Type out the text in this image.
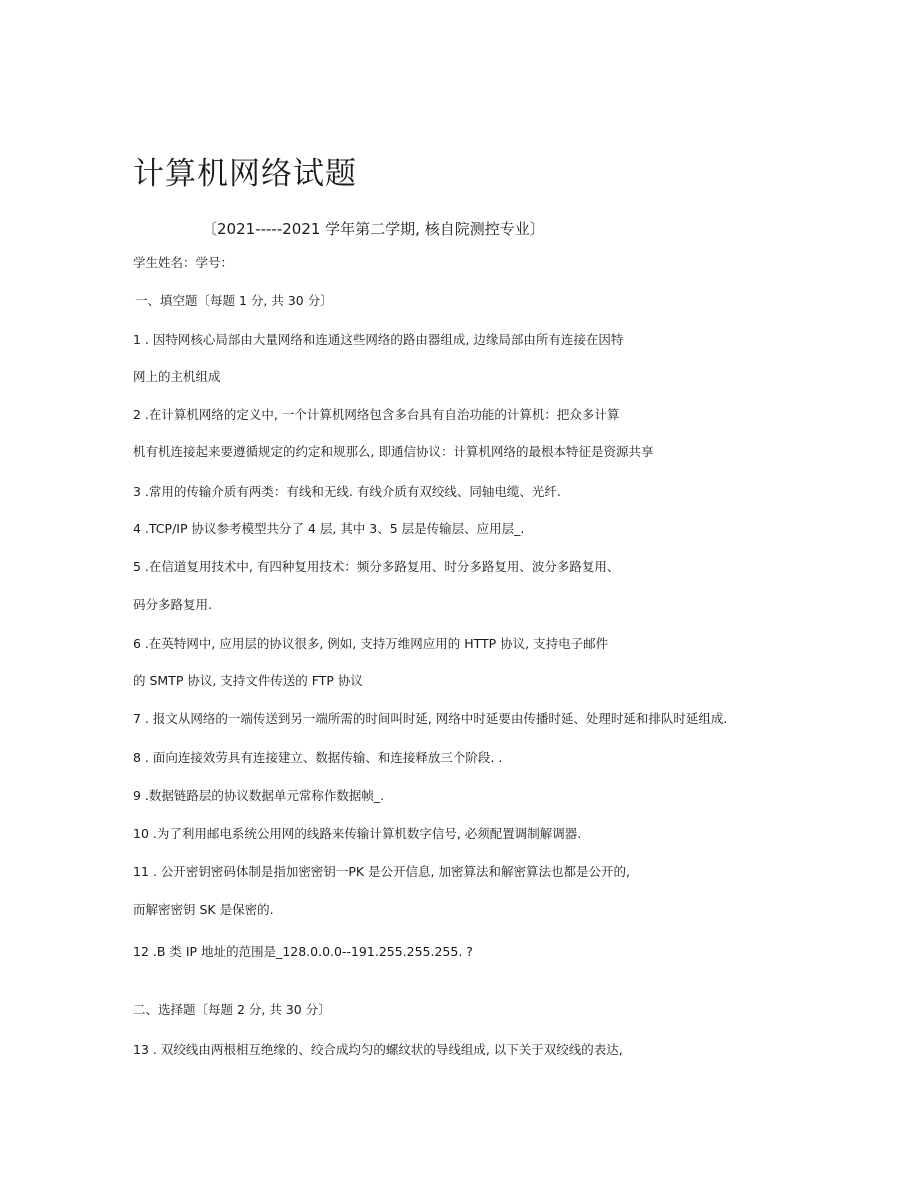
计算机网络试题
〔2021-----2021 学年第二学期, 核自院测控专业〕
学生姓名：学号：
一、填空题〔每题 1 分, 共 30 分〕
1 . 因特网核心局部由大量网络和连通这些网络的路由器组成, 边缘局部由所有连接在因特
网上的主机组成
2 .在计算机网络的定义中, 一个计算机网络包含多台具有自治功能的计算机：把众多计算
机有机连接起来要遵循规定的约定和规那么, 即通信协议：计算机网络的最根本特征是资源共享
3 .常用的传输介质有两类：有线和无线. 有线介质有双绞线、同轴电缆、光纤.
4 .TCP/IP 协议参考模型共分了 4 层, 其中 3、5 层是传输层、应用层_.
5 .在信道复用技术中, 有四种复用技术：频分多路复用、时分多路复用、波分多路复用、
码分多路复用.
6 .在英特网中, 应用层的协议很多, 例如, 支持万维网应用的 HTTP 协议, 支持电子邮件
的 SMTP 协议, 支持文件传送的 FTP 协议
7 . 报文从网络的一端传送到另一端所需的时间叫时延, 网络中时延要由传播时延、处理时延和排队时延组成.
8 . 面向连接效劳具有连接建立、数据传输、和连接释放三个阶段. .
9 .数据链路层的协议数据单元常称作数据帧_.
10 .为了利用邮电系统公用网的线路来传输计算机数字信号, 必须配置调制解调器.
11 . 公开密钥密码体制是指加密密钥一PK 是公开信息, 加密算法和解密算法也都是公开的,
而解密密钥 SK 是保密的.
12 .B 类 IP 地址的范围是_128.0.0.0--191.255.255.255. ?
二、选择题〔每题 2 分, 共 30 分〕
13 . 双绞线由两根相互绝缘的、绞合成均匀的螺纹状的导线组成, 以下关于双绞线的表达,
